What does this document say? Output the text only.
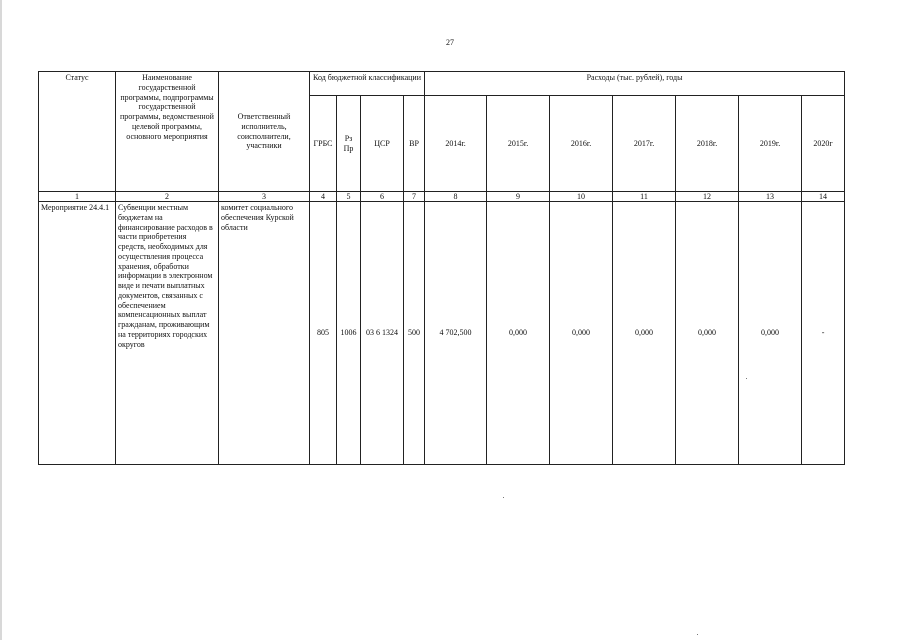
27
Статус	Наименование государственной программы, подпрограммы государственной программы, ведомственной целевой программы, основного мероприятия	Ответственный исполнитель, соисполнители, участники	Код бюджетной классификации				Расходы (тыс. рублей), годы						
			ГРБС	Рз Пр	ЦСР	ВР	2014г.	2015г.	2016г.	2017г.	2018г.	2019г.	2020г
1	2	3	4	5	6	7	8	9	10	11	12	13	14
Мероприятие 24.4.1	Субвенции местным бюджетам на финансирование расходов в части приобретения средств, необходимых для осуществления процесса хранения, обработки информации в электронном виде и печати выплатных документов, связанных с обеспечением компенсационных выплат гражданам, проживающим на территориях городских округов	комитет социального обеспечения Курской области	805	1006	03 6 1324	500	4 702,500	0,000	0,000	0,000	0,000	0,000	-
